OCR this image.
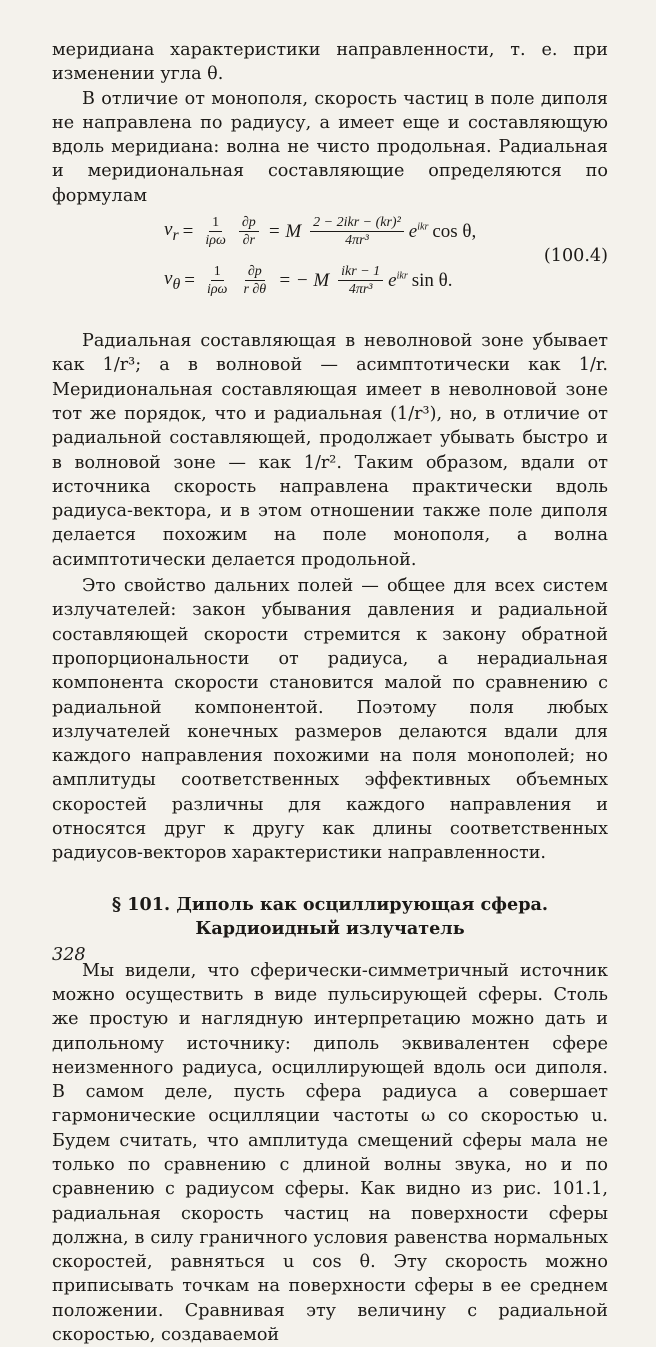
меридиана характеристики направленности, т. е. при изменении угла θ.

В отличие от монополя, скорость частиц в поле диполя не направлена по радиусу, а имеет еще и составляющую вдоль меридиана: волна не чисто продольная. Радиальная и меридиональная составляющие определяются по формулам

$v_r = \frac{1}{\text{iρω}} \frac{\partial p}{\partial r} = M \frac{\text{2 − 2ikr − (kr)²}}{\text{4πr³}} e^{ikr}$ cos θ,
$v_\theta = \frac{1}{\text{iρω}} \frac{\partial p}{r \partial\theta}$ = − M $\frac{\text{ikr − 1}}{\text{4πr³}} e^{ikr}$ sin θ.
(100.4)

Радиальная составляющая в неволновой зоне убывает как 1/r³; а в волновой — асимптотически как 1/r. Меридиональная составляющая имеет в неволновой зоне тот же порядок, что и радиальная (1/r³), но, в отличие от радиальной составляющей, продолжает убывать быстро и в волновой зоне — как 1/r². Таким образом, вдали от источника скорость направлена практически вдоль радиуса-вектора, и в этом отношении также поле диполя делается похожим на поле монополя, а волна асимптотически делается продольной.

Это свойство дальних полей — общее для всех систем излучателей: закон убывания давления и радиальной составляющей скорости стремится к закону обратной пропорциональности от радиуса, а нерадиальная компонента скорости становится малой по сравнению с радиальной компонентой. Поэтому поля любых излучателей конечных размеров делаются вдали для каждого направления похожими на поля монополей; но амплитуды соответственных эффективных объемных скоростей различны для каждого направления и относятся друг к другу как длины соответственных радиусов-векторов характеристики направленности.

§ 101. Диполь как осциллирующая сфера.
Кардиоидный излучатель

Мы видели, что сферически-симметричный источник можно осуществить в виде пульсирующей сферы. Столь же простую и наглядную интерпретацию можно дать и дипольному источнику: диполь эквивалентен сфере неизменного радиуса, осциллирующей вдоль оси диполя. В самом деле, пусть сфера радиуса a совершает гармонические осцилляции частоты ω со скоростью u. Будем считать, что амплитуда смещений сферы мала не только по сравнению с длиной волны звука, но и по сравнению с радиусом сферы. Как видно из рис. 101.1, радиальная скорость частиц на поверхности сферы должна, в силу граничного условия равенства нормальных скоростей, равняться u cos θ. Эту скорость можно приписывать точкам на поверхности сферы в ее среднем положении. Сравнивая эту величину с радиальной скоростью, создаваемой

328
